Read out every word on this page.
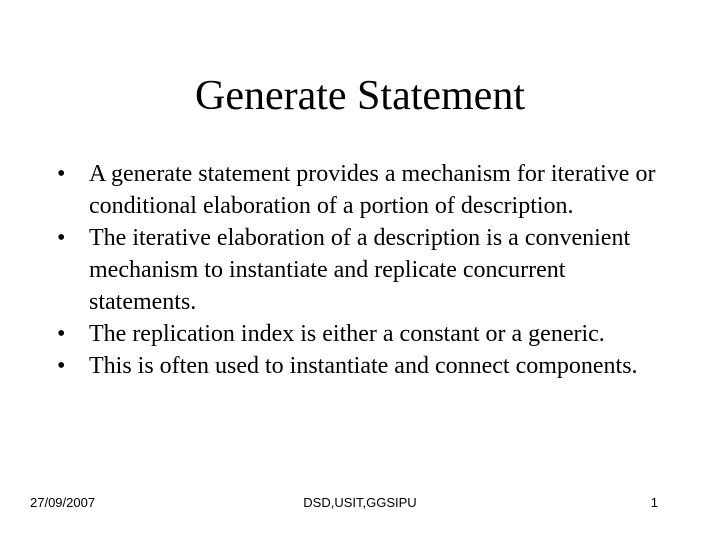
Generate Statement
• A generate statement provides a mechanism for iterative or conditional elaboration of a portion of description.
• The iterative elaboration of a description is a convenient mechanism to instantiate and replicate concurrent statements.
• The replication index is either a constant or a generic.
• This is often used to instantiate and connect components.
27/09/2007	DSD,USIT,GGSIPU	1
